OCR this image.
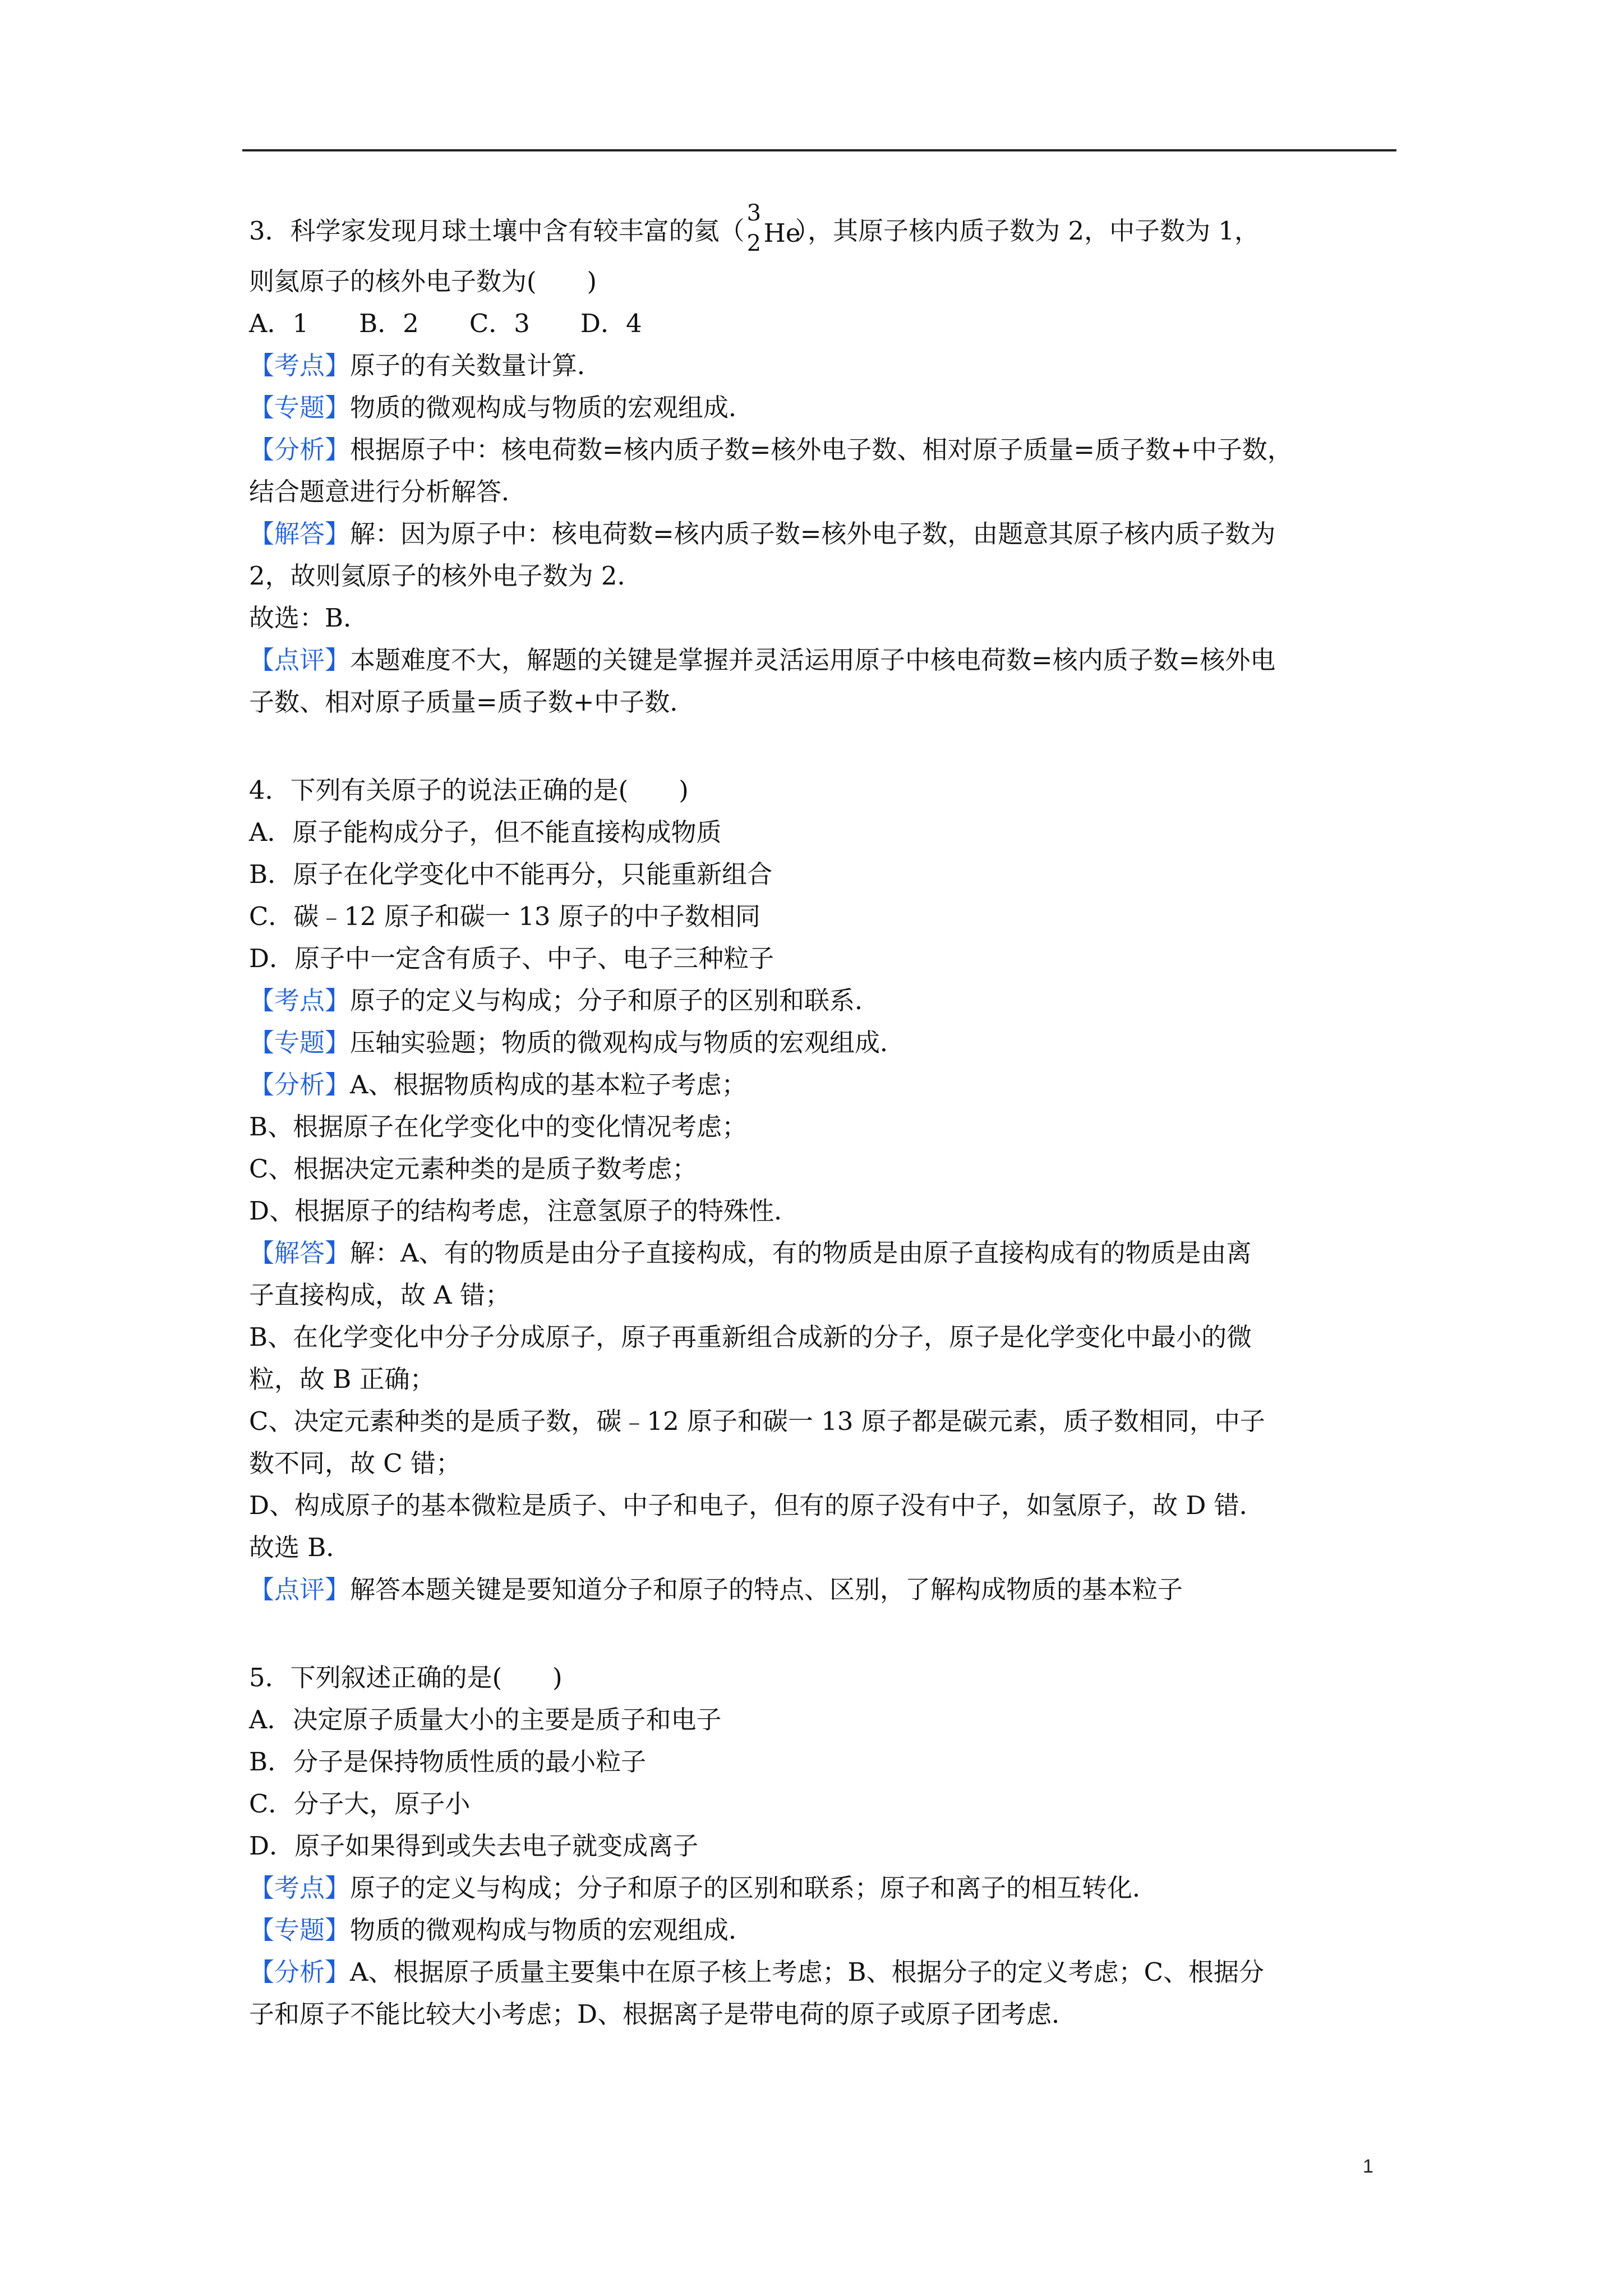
3．科学家发现月球土壤中含有较丰富的氦（
3
2 He
），其原子核内质子数为 2，中子数为 1，
则氦原子的核外电子数为(　　)
A．1　　B．2　　C．3　　D．4
【考点】原子的有关数量计算．
【专题】物质的微观构成与物质的宏观组成．
【分析】根据原子中：核电荷数=核内质子数=核外电子数、相对原子质量=质子数+中子数，
结合题意进行分析解答．
【解答】解：因为原子中：核电荷数=核内质子数=核外电子数，由题意其原子核内质子数为
2，故则氦原子的核外电子数为 2．
故选：B．
【点评】本题难度不大，解题的关键是掌握并灵活运用原子中核电荷数=核内质子数=核外电
子数、相对原子质量=质子数+中子数．
4．下列有关原子的说法正确的是(　　)
A．原子能构成分子，但不能直接构成物质
B．原子在化学变化中不能再分，只能重新组合
C．碳﹣12 原子和碳一 13 原子的中子数相同
D．原子中一定含有质子、中子、电子三种粒子
【考点】原子的定义与构成；分子和原子的区别和联系．
【专题】压轴实验题；物质的微观构成与物质的宏观组成．
【分析】A、根据物质构成的基本粒子考虑；
B、根据原子在化学变化中的变化情况考虑；
C、根据决定元素种类的是质子数考虑；
D、根据原子的结构考虑，注意氢原子的特殊性．
【解答】解：A、有的物质是由分子直接构成，有的物质是由原子直接构成有的物质是由离
子直接构成，故 A 错；
B、在化学变化中分子分成原子，原子再重新组合成新的分子，原子是化学变化中最小的微
粒，故 B 正确；
C、决定元素种类的是质子数，碳﹣12 原子和碳一 13 原子都是碳元素，质子数相同，中子
数不同，故 C 错；
D、构成原子的基本微粒是质子、中子和电子，但有的原子没有中子，如氢原子，故 D 错．
故选 B．
【点评】解答本题关键是要知道分子和原子的特点、区别，了解构成物质的基本粒子
5．下列叙述正确的是(　　)
A．决定原子质量大小的主要是质子和电子
B．分子是保持物质性质的最小粒子
C．分子大，原子小
D．原子如果得到或失去电子就变成离子
【考点】原子的定义与构成；分子和原子的区别和联系；原子和离子的相互转化．
【专题】物质的微观构成与物质的宏观组成．
【分析】A、根据原子质量主要集中在原子核上考虑；B、根据分子的定义考虑；C、根据分
子和原子不能比较大小考虑；D、根据离子是带电荷的原子或原子团考虑．
1
